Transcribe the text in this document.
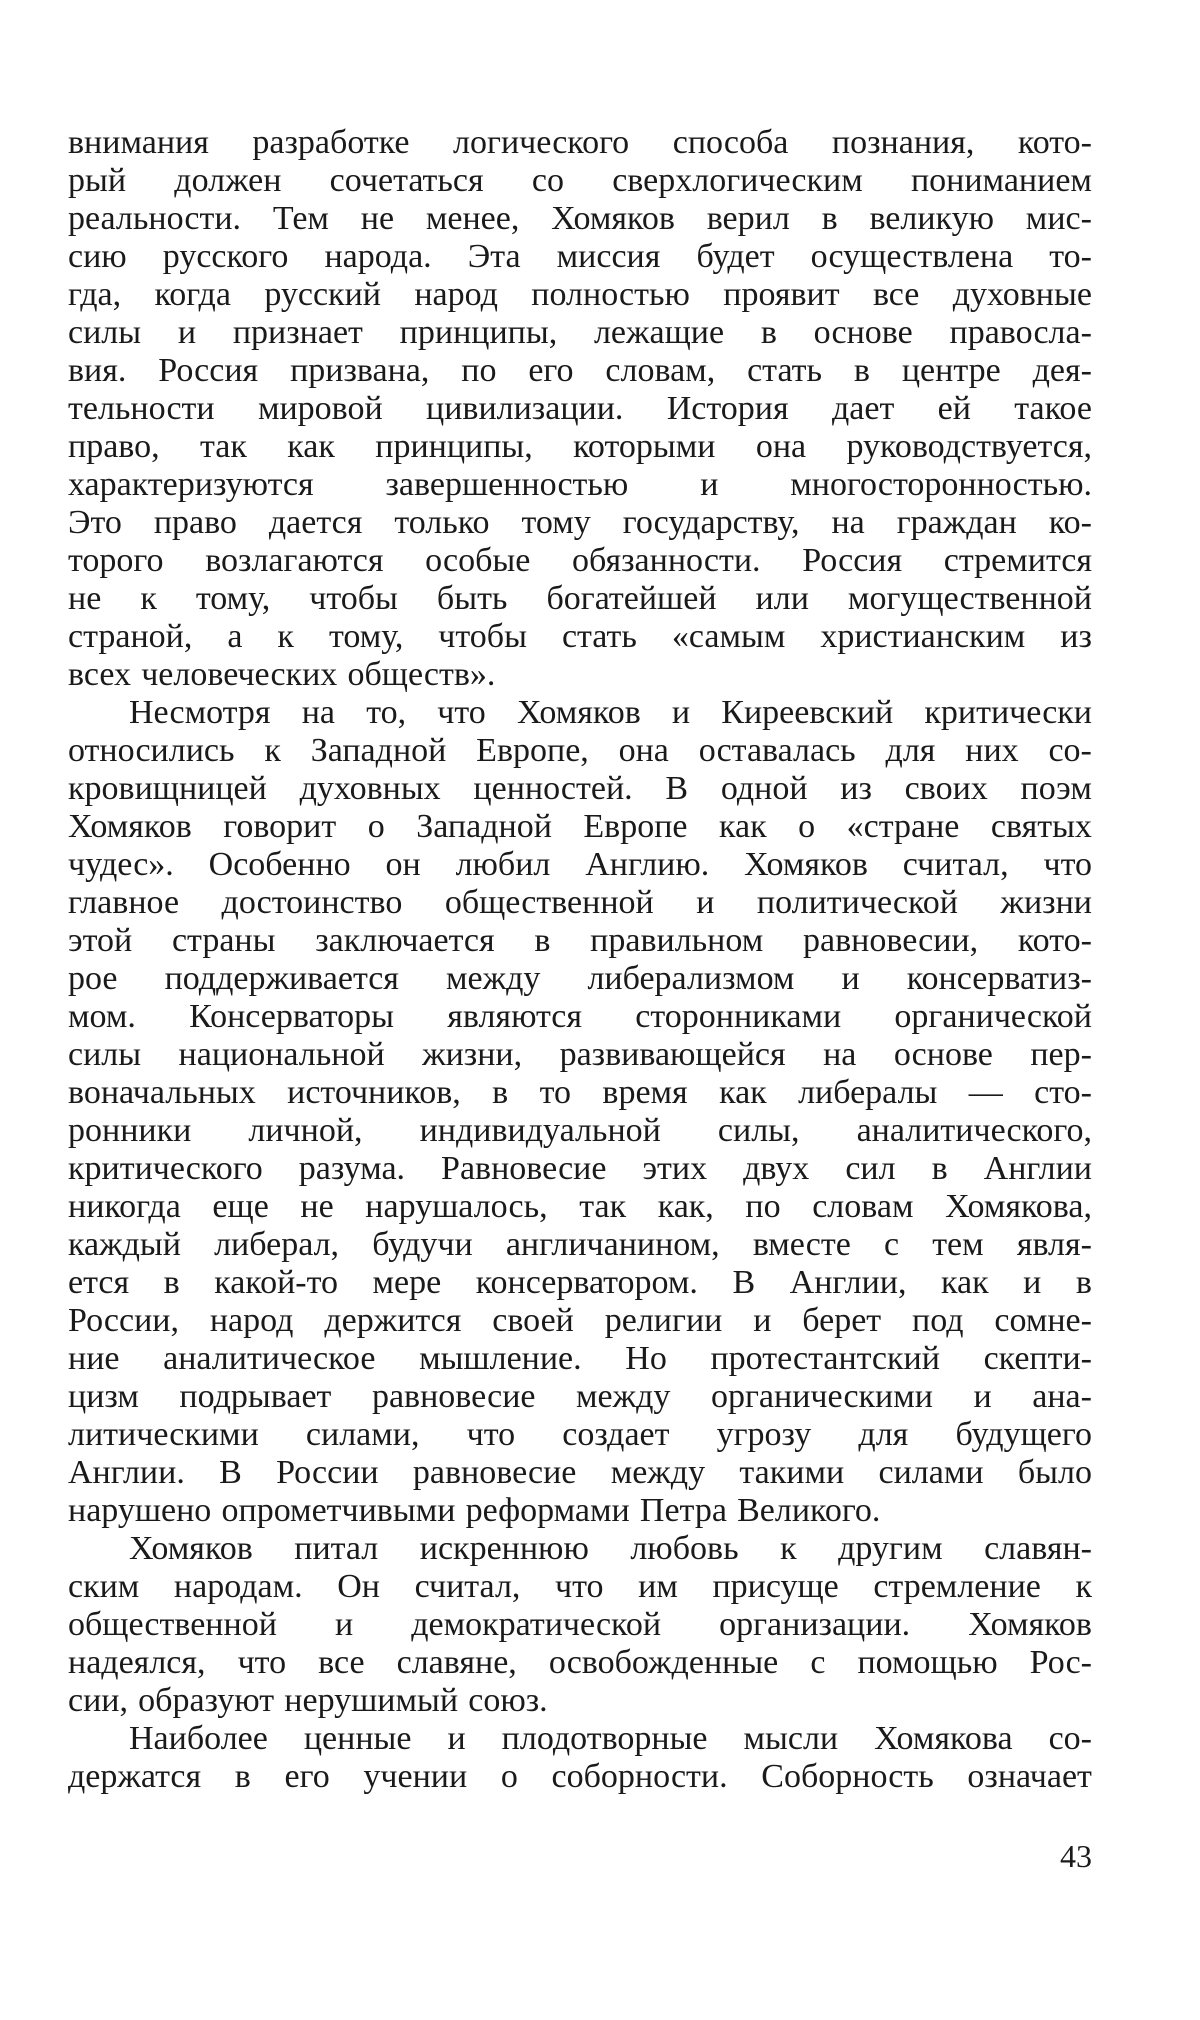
внимания разработке логического способа познания, кото-
рый должен сочетаться со сверхлогическим пониманием
реальности. Тем не менее, Хомяков верил в великую мис-
сию русского народа. Эта миссия будет осуществлена то-
гда, когда русский народ полностью проявит все духовные
силы и признает принципы, лежащие в основе правосла-
вия. Россия призвана, по его словам, стать в центре дея-
тельности мировой цивилизации. История дает ей такое
право, так как принципы, которыми она руководствуется,
характеризуются завершенностью и многосторонностью.
Это право дается только тому государству, на граждан ко-
торого возлагаются особые обязанности. Россия стремится
не к тому, чтобы быть богатейшей или могущественной
страной, а к тому, чтобы стать «самым христианским из
всех человеческих обществ».
Несмотря на то, что Хомяков и Киреевский критически
относились к Западной Европе, она оставалась для них со-
кровищницей духовных ценностей. В одной из своих поэм
Хомяков говорит о Западной Европе как о «стране святых
чудес». Особенно он любил Англию. Хомяков считал, что
главное достоинство общественной и политической жизни
этой страны заключается в правильном равновесии, кото-
рое поддерживается между либерализмом и консерватиз-
мом. Консерваторы являются сторонниками органической
силы национальной жизни, развивающейся на основе пер-
воначальных источников, в то время как либералы — сто-
ронники личной, индивидуальной силы, аналитического,
критического разума. Равновесие этих двух сил в Англии
никогда еще не нарушалось, так как, по словам Хомякова,
каждый либерал, будучи англичанином, вместе с тем явля-
ется в какой-то мере консерватором. В Англии, как и в
России, народ держится своей религии и берет под сомне-
ние аналитическое мышление. Но протестантский скепти-
цизм подрывает равновесие между органическими и ана-
литическими силами, что создает угрозу для будущего
Англии. В России равновесие между такими силами было
нарушено опрометчивыми реформами Петра Великого.
Хомяков питал искреннюю любовь к другим славян-
ским народам. Он считал, что им присуще стремление к
общественной и демократической организации. Хомяков
надеялся, что все славяне, освобожденные с помощью Рос-
сии, образуют нерушимый союз.
Наиболее ценные и плодотворные мысли Хомякова со-
держатся в его учении о соборности. Соборность означает
43
